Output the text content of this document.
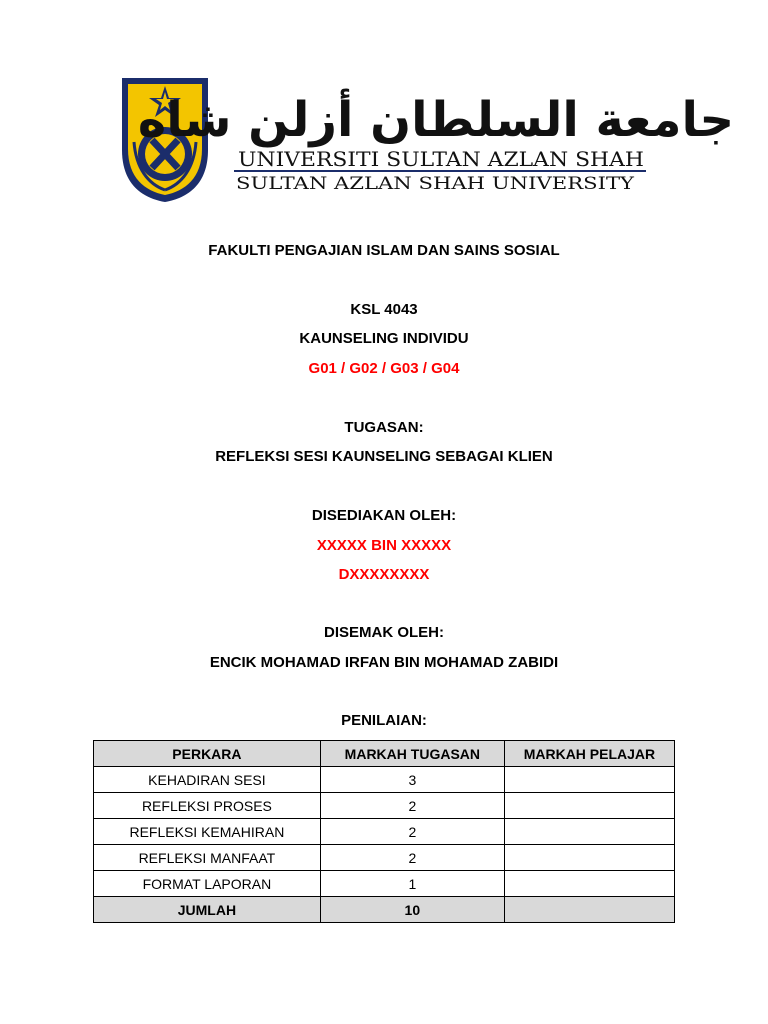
جامعة السلطان أزلن شاه
UNIVERSITI SULTAN AZLAN SHAH
SULTAN AZLAN SHAH UNIVERSITY
FAKULTI PENGAJIAN ISLAM DAN SAINS SOSIAL
KSL 4043
KAUNSELING INDIVIDU
G01 / G02 / G03 / G04
TUGASAN:
REFLEKSI SESI KAUNSELING SEBAGAI KLIEN
DISEDIAKAN OLEH:
XXXXX BIN XXXXX
DXXXXXXXX
DISEMAK OLEH:
ENCIK MOHAMAD IRFAN BIN MOHAMAD ZABIDI
PENILAIAN:
PERKARA	MARKAH TUGASAN	MARKAH PELAJAR
KEHADIRAN SESI	3	
REFLEKSI PROSES	2	
REFLEKSI KEMAHIRAN	2	
REFLEKSI MANFAAT	2	
FORMAT LAPORAN	1	
JUMLAH	10	
